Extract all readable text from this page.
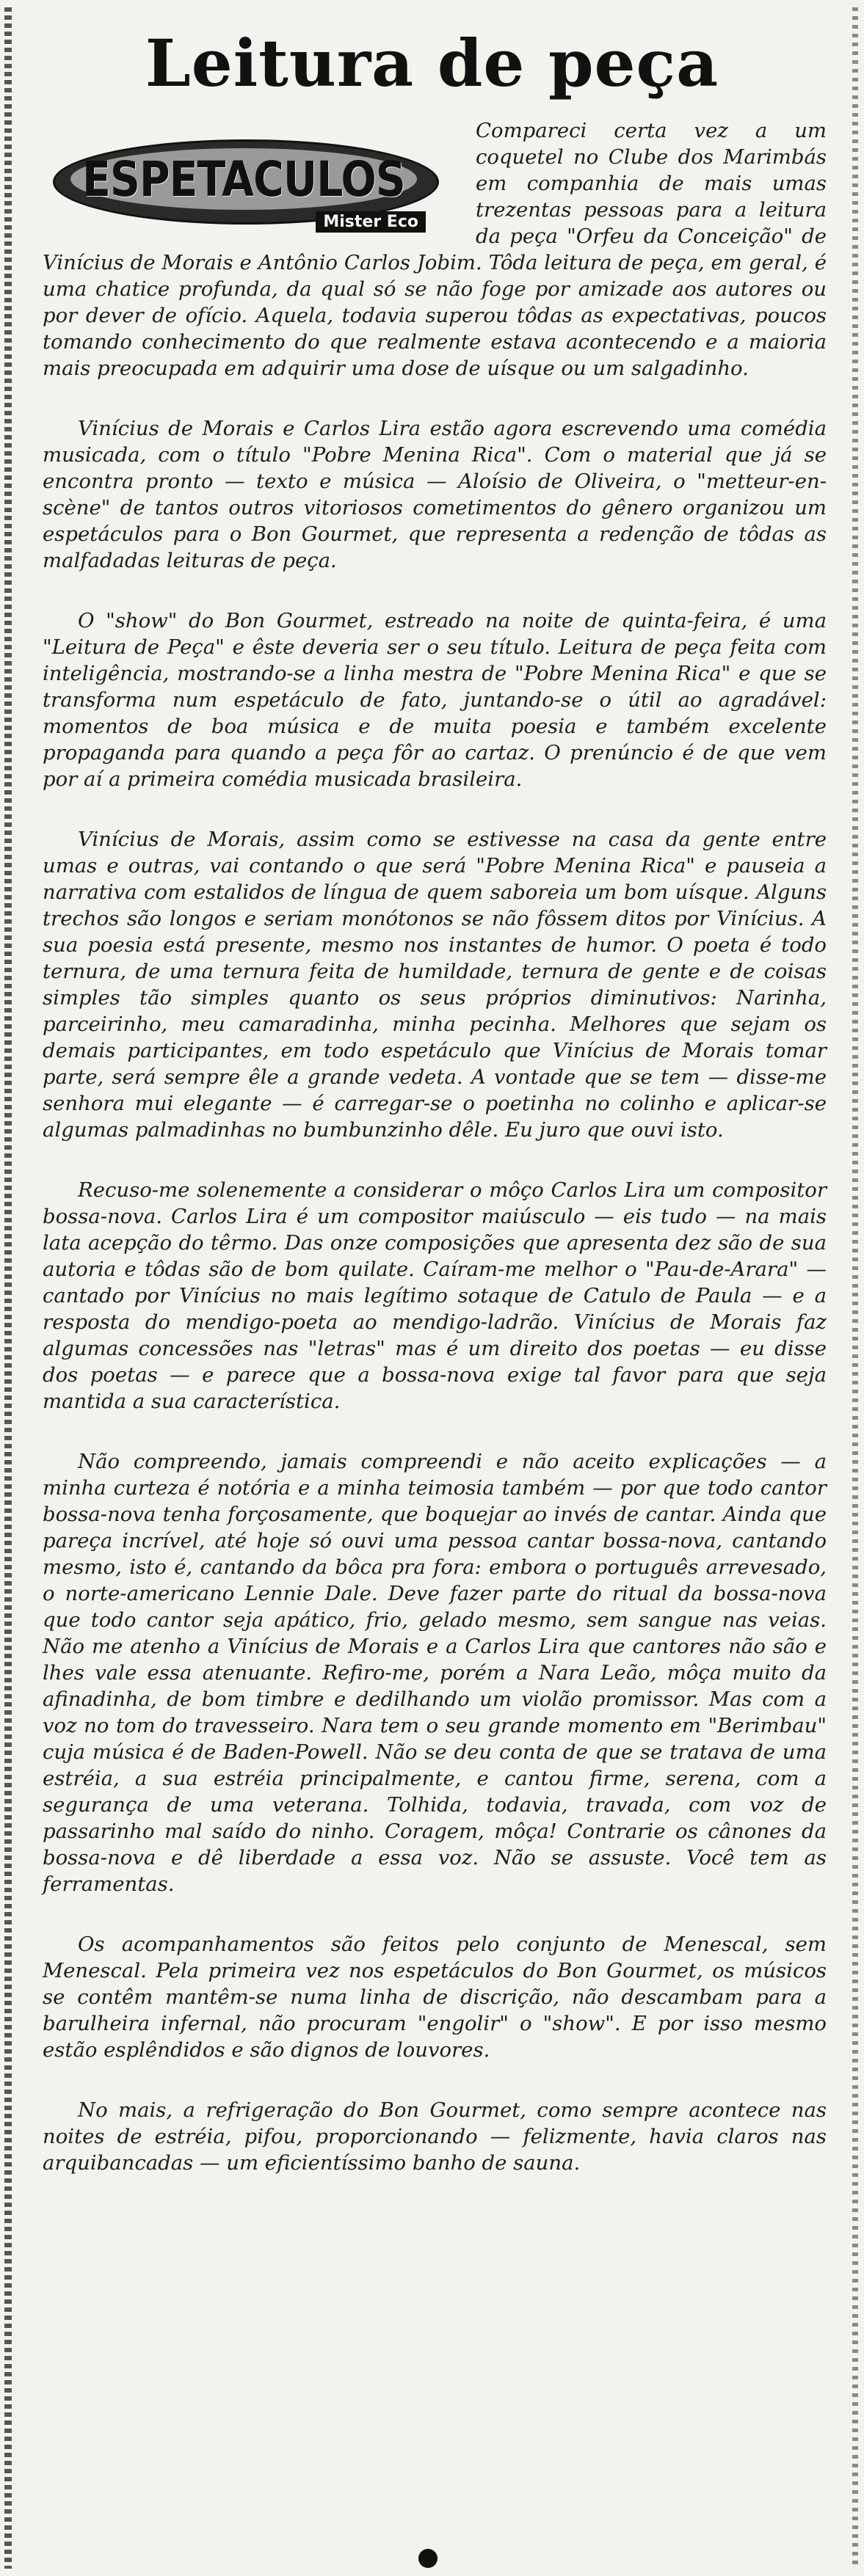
Leitura de peça
ESPETACULOS
Mister Eco

Compareci certa vez a um coquetel no Clube dos Marimbás em companhia de mais umas trezentas pessoas para a leitura da peça "Orfeu da Conceição" de Vinícius de Morais e Antônio Carlos Jobim. Tôda leitura de peça, em geral, é uma chatice profunda, da qual só se não foge por amizade aos autores ou por dever de ofício. Aquela, todavia superou tôdas as expectativas, poucos tomando conhecimento do que realmente estava acontecendo e a maioria mais preocupada em adquirir uma dose de uísque ou um salgadinho.

Vinícius de Morais e Carlos Lira estão agora escrevendo uma comédia musicada, com o título "Pobre Menina Rica". Com o material que já se encontra pronto — texto e música — Aloísio de Oliveira, o "metteur-en-scène" de tantos outros vitoriosos cometimentos do gênero organizou um espetáculos para o Bon Gourmet, que representa a redenção de tôdas as malfadadas leituras de peça.

O "show" do Bon Gourmet, estreado na noite de quinta-feira, é uma "Leitura de Peça" e êste deveria ser o seu título. Leitura de peça feita com inteligência, mostrando-se a linha mestra de "Pobre Menina Rica" e que se transforma num espetáculo de fato, juntando-se o útil ao agradável: momentos de boa música e de muita poesia e também excelente propaganda para quando a peça fôr ao cartaz. O prenúncio é de que vem por aí a primeira comédia musicada brasileira.

Vinícius de Morais, assim como se estivesse na casa da gente entre umas e outras, vai contando o que será "Pobre Menina Rica" e pauseia a narrativa com estalidos de língua de quem saboreia um bom uísque. Alguns trechos são longos e seriam monótonos se não fôssem ditos por Vinícius. A sua poesia está presente, mesmo nos instantes de humor. O poeta é todo ternura, de uma ternura feita de humildade, ternura de gente e de coisas simples tão simples quanto os seus próprios diminutivos: Narinha, parceirinho, meu camaradinha, minha pecinha. Melhores que sejam os demais participantes, em todo espetáculo que Vinícius de Morais tomar parte, será sempre êle a grande vedeta. A vontade que se tem — disse-me senhora mui elegante — é carregar-se o poetinha no colinho e aplicar-se algumas palmadinhas no bumbunzinho dêle. Eu juro que ouvi isto.

Recuso-me solenemente a considerar o môço Carlos Lira um compositor bossa-nova. Carlos Lira é um compositor maiúsculo — eis tudo — na mais lata acepção do têrmo. Das onze composições que apresenta dez são de sua autoria e tôdas são de bom quilate. Caíram-me melhor o "Pau-de-Arara" — cantado por Vinícius no mais legítimo sotaque de Catulo de Paula — e a resposta do mendigo-poeta ao mendigo-ladrão. Vinícius de Morais faz algumas concessões nas "letras" mas é um direito dos poetas — eu disse dos poetas — e parece que a bossa-nova exige tal favor para que seja mantida a sua característica.

Não compreendo, jamais compreendi e não aceito explicações — a minha curteza é notória e a minha teimosia também — por que todo cantor bossa-nova tenha forçosamente, que boquejar ao invés de cantar. Ainda que pareça incrível, até hoje só ouvi uma pessoa cantar bossa-nova, cantando mesmo, isto é, cantando da bôca pra fora: embora o português arrevesado, o norte-americano Lennie Dale. Deve fazer parte do ritual da bossa-nova que todo cantor seja apático, frio, gelado mesmo, sem sangue nas veias. Não me atenho a Vinícius de Morais e a Carlos Lira que cantores não são e lhes vale essa atenuante. Refiro-me, porém a Nara Leão, môça muito da afinadinha, de bom timbre e dedilhando um violão promissor. Mas com a voz no tom do travesseiro. Nara tem o seu grande momento em "Berimbau" cuja música é de Baden-Powell. Não se deu conta de que se tratava de uma estréia, a sua estréia principalmente, e cantou firme, serena, com a segurança de uma veterana. Tolhida, todavia, travada, com voz de passarinho mal saído do ninho. Coragem, môça! Contrarie os cânones da bossa-nova e dê liberdade a essa voz. Não se assuste. Você tem as ferramentas.

Os acompanhamentos são feitos pelo conjunto de Menescal, sem Menescal. Pela primeira vez nos espetáculos do Bon Gourmet, os músicos se contêm mantêm-se numa linha de discrição, não descambam para a barulheira infernal, não procuram "engolir" o "show". E por isso mesmo estão esplêndidos e são dignos de louvores.

No mais, a refrigeração do Bon Gourmet, como sempre acontece nas noites de estréia, pifou, proporcionando — felizmente, havia claros nas arquibancadas — um eficientíssimo banho de sauna.
